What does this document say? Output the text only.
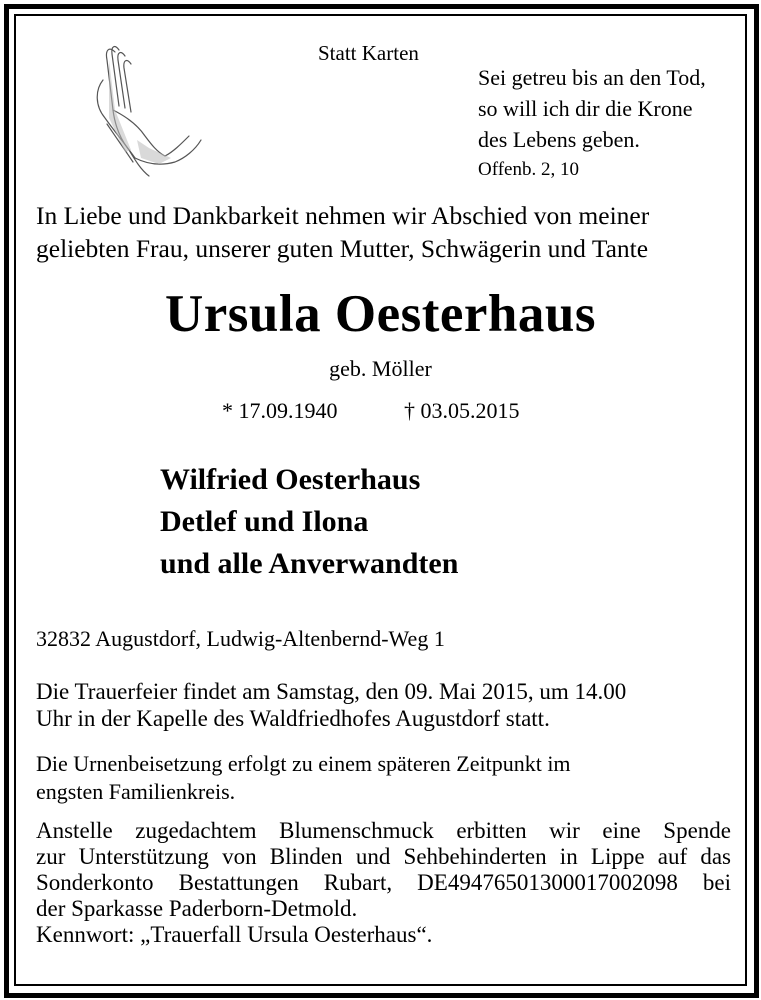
Statt Karten
Sei getreu bis an den Tod,
so will ich dir die Krone
des Lebens geben.
Offenb. 2, 10
In Liebe und Dankbarkeit nehmen wir Abschied von meiner
geliebten Frau, unserer guten Mutter, Schwägerin und Tante
Ursula Oesterhaus
geb. Möller
* 17.09.1940	† 03.05.2015
Wilfried Oesterhaus
Detlef und Ilona
und alle Anverwandten
32832 Augustdorf, Ludwig-Altenbernd-Weg 1
Die Trauerfeier findet am Samstag, den 09. Mai 2015, um 14.00
Uhr in der Kapelle des Waldfriedhofes Augustdorf statt.
Die Urnenbeisetzung erfolgt zu einem späteren Zeitpunkt im
engsten Familienkreis.
Anstelle zugedachtem Blumenschmuck erbitten wir eine Spende
zur Unterstützung von Blinden und Sehbehinderten in Lippe auf das
Sonderkonto Bestattungen Rubart, DE49476501300017002098 bei
der Sparkasse Paderborn-Detmold.
Kennwort: „Trauerfall Ursula Oesterhaus“.
